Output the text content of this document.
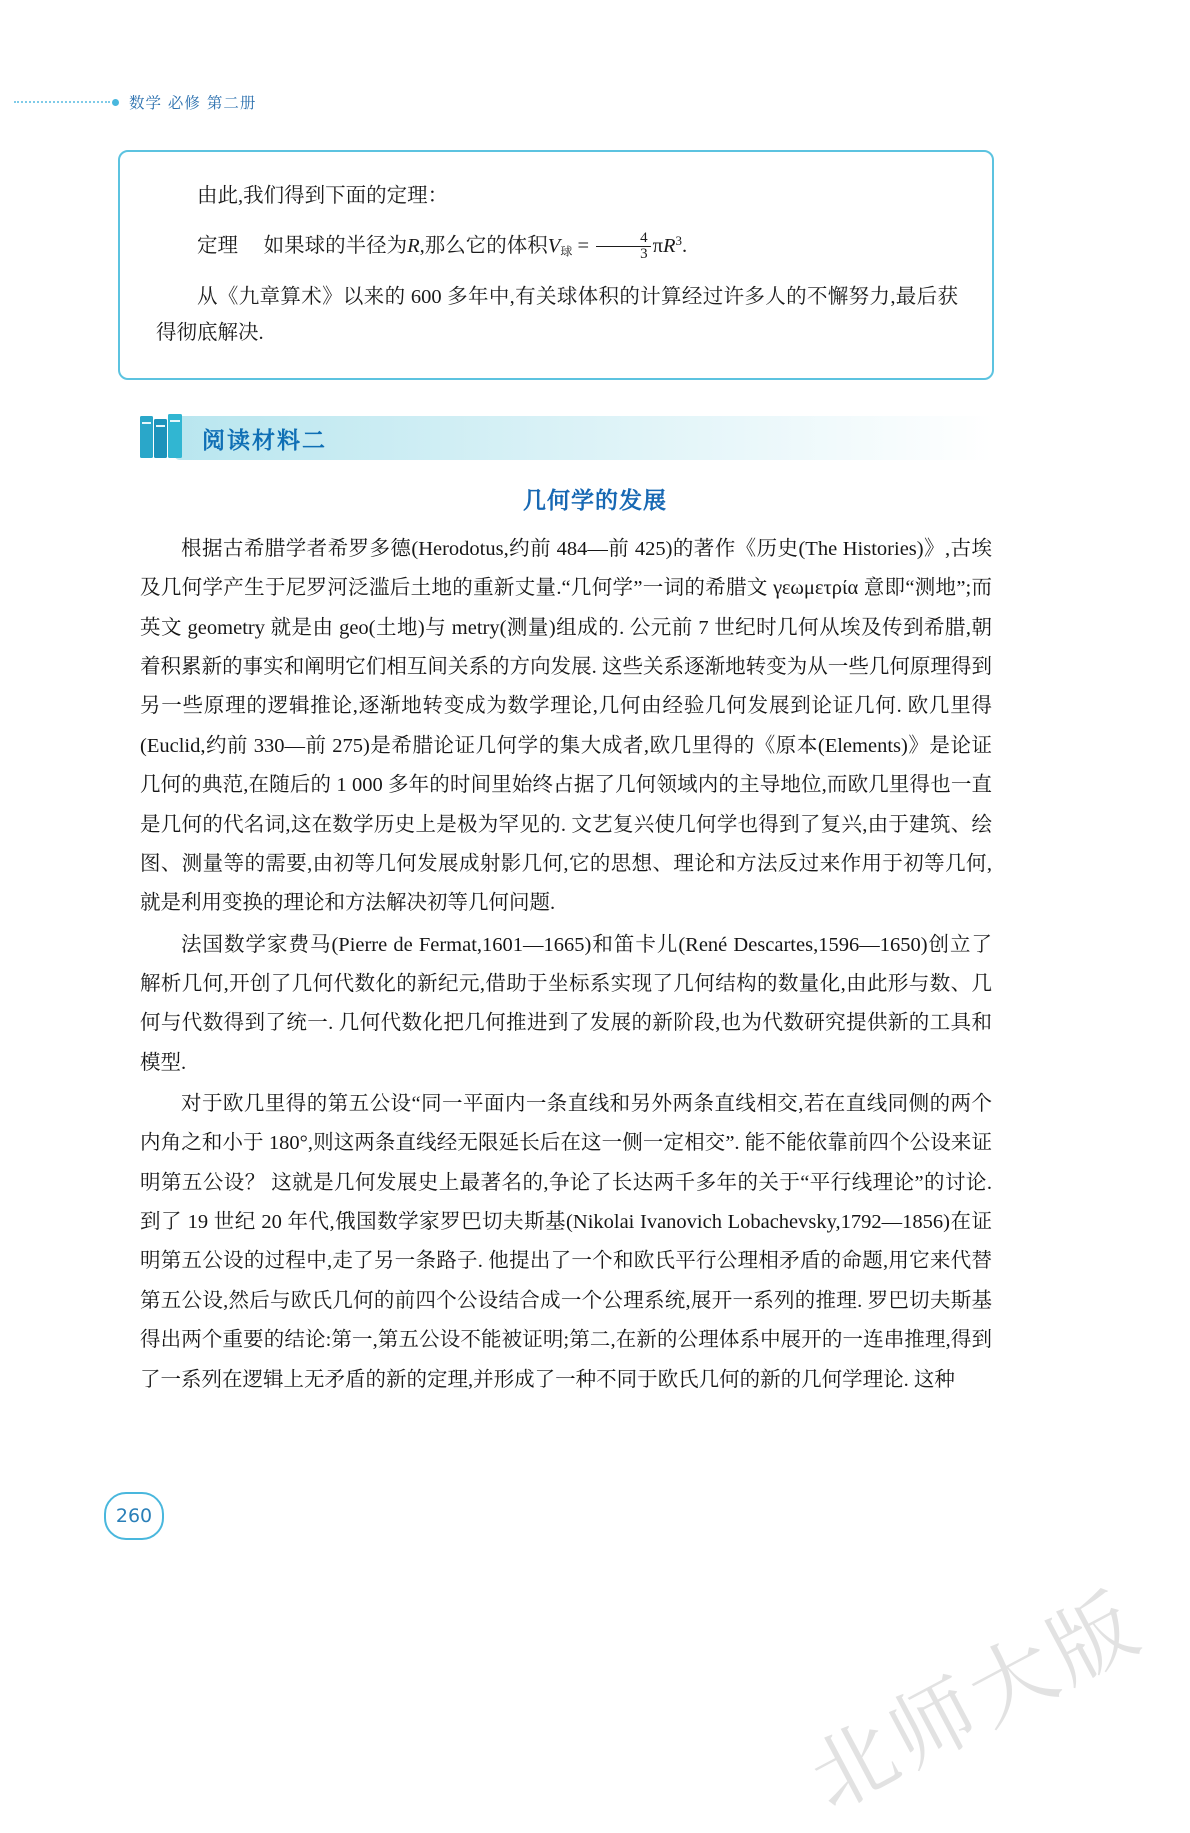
数学 必修 第二册

由此,我们得到下面的定理：

定理 如果球的半径为R,那么它的体积$V_球 = \frac{4}{3} \pi R^3$.

从《九章算术》以来的 600 多年中,有关球体积的计算经过许多人的不懈努力,最后获得彻底解决.

阅读材料二
几何学的发展

根据古希腊学者希罗多德(Herodotus,约前 484—前 425)的著作《历史(The Histories)》,古埃及几何学产生于尼罗河泛滥后土地的重新丈量.“几何学”一词的希腊文 γεωμετρία 意即“测地”;而英文 geometry 就是由 geo(土地)与 metry(测量)组成的. 公元前 7 世纪时几何从埃及传到希腊,朝着积累新的事实和阐明它们相互间关系的方向发展. 这些关系逐渐地转变为从一些几何原理得到另一些原理的逻辑推论,逐渐地转变成为数学理论,几何由经验几何发展到论证几何. 欧几里得(Euclid,约前 330—前 275)是希腊论证几何学的集大成者,欧几里得的《原本(Elements)》是论证几何的典范,在随后的 1 000 多年的时间里始终占据了几何领域内的主导地位,而欧几里得也一直是几何的代名词,这在数学历史上是极为罕见的. 文艺复兴使几何学也得到了复兴,由于建筑、绘图、测量等的需要,由初等几何发展成射影几何,它的思想、理论和方法反过来作用于初等几何,就是利用变换的理论和方法解决初等几何问题.

法国数学家费马(Pierre de Fermat,1601—1665)和笛卡儿(René Descartes,1596—1650)创立了解析几何,开创了几何代数化的新纪元,借助于坐标系实现了几何结构的数量化,由此形与数、几何与代数得到了统一. 几何代数化把几何推进到了发展的新阶段,也为代数研究提供新的工具和模型.

对于欧几里得的第五公设“同一平面内一条直线和另外两条直线相交,若在直线同侧的两个内角之和小于 180°,则这两条直线经无限延长后在这一侧一定相交”. 能不能依靠前四个公设来证明第五公设？ 这就是几何发展史上最著名的,争论了长达两千多年的关于“平行线理论”的讨论. 到了 19 世纪 20 年代,俄国数学家罗巴切夫斯基(Nikolai Ivanovich Lobachevsky,1792—1856)在证明第五公设的过程中,走了另一条路子. 他提出了一个和欧氏平行公理相矛盾的命题,用它来代替第五公设,然后与欧氏几何的前四个公设结合成一个公理系统,展开一系列的推理. 罗巴切夫斯基得出两个重要的结论:第一,第五公设不能被证明;第二,在新的公理体系中展开的一连串推理,得到了一系列在逻辑上无矛盾的新的定理,并形成了一种不同于欧氏几何的新的几何学理论. 这种

260
北师大版
